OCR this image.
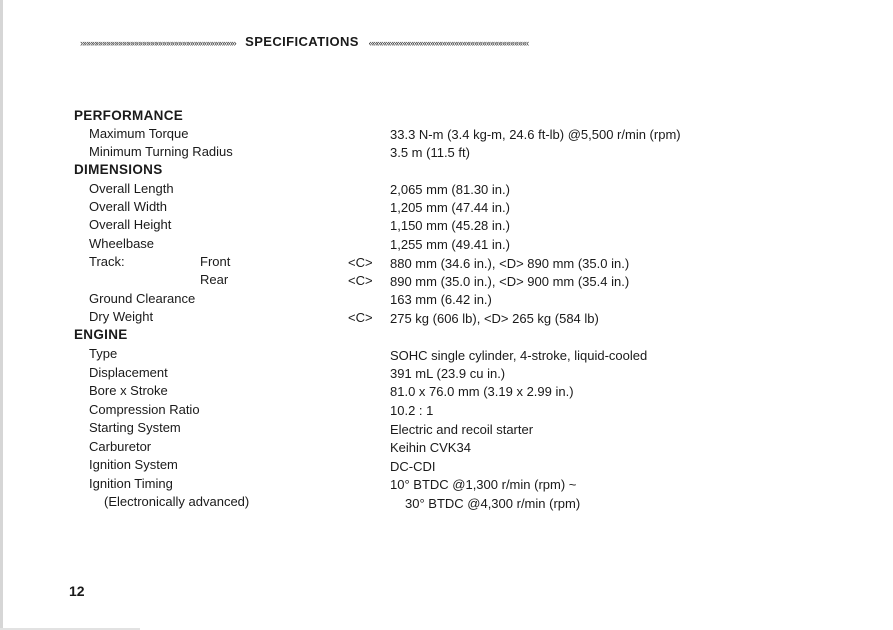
»»»»»»»»»»»»»»»»»»»»»»»»»»»»»»»»»»»»»»» SPECIFICATIONS ««««««««««««««««««««««««««««««««««««««««
PERFORMANCE
Maximum Torque	33.3 N-m (3.4 kg-m, 24.6 ft-lb) @5,500 r/min (rpm)
Minimum Turning Radius	3.5 m (11.5 ft)
DIMENSIONS
Overall Length	2,065 mm (81.30 in.)
Overall Width	1,205 mm (47.44 in.)
Overall Height	1,150 mm (45.28 in.)
Wheelbase	1,255 mm (49.41 in.)
Track:	Front	<C> 880 mm (34.6 in.), <D> 890 mm (35.0 in.)
Rear	<C> 890 mm (35.0 in.), <D> 900 mm (35.4 in.)
Ground Clearance	163 mm (6.42 in.)
Dry Weight	<C> 275 kg (606 lb), <D> 265 kg (584 lb)
ENGINE
Type	SOHC single cylinder, 4-stroke, liquid-cooled
Displacement	391 mL (23.9 cu in.)
Bore x Stroke	81.0 x 76.0 mm (3.19 x 2.99 in.)
Compression Ratio	10.2 : 1
Starting System	Electric and recoil starter
Carburetor	Keihin CVK34
Ignition System	DC-CDI
Ignition Timing	10° BTDC @1,300 r/min (rpm) ~
(Electronically advanced)	30° BTDC @4,300 r/min (rpm)
12
